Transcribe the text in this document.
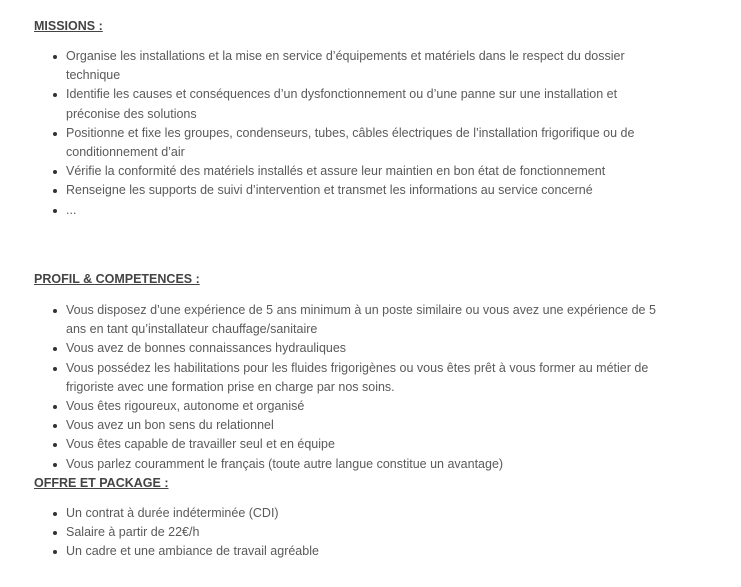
MISSIONS :

Organise les installations et la mise en service d’équipements et matériels dans le respect du dossier technique
Identifie les causes et conséquences d’un dysfonctionnement ou d’une panne sur une installation et préconise des solutions
Positionne et fixe les groupes, condenseurs, tubes, câbles électriques de l’installation frigorifique ou de conditionnement d’air
Vérifie la conformité des matériels installés et assure leur maintien en bon état de fonctionnement
Renseigne les supports de suivi d’intervention et transmet les informations au service concerné
...

PROFIL & COMPETENCES :

Vous disposez d’une expérience de 5 ans minimum à un poste similaire ou vous avez une expérience de 5 ans en tant qu’installateur chauffage/sanitaire
Vous avez de bonnes connaissances hydrauliques
Vous possédez les habilitations pour les fluides frigorigènes ou vous êtes prêt à vous former au métier de frigoriste avec une formation prise en charge par nos soins.
Vous êtes rigoureux, autonome et organisé
Vous avez un bon sens du relationnel
Vous êtes capable de travailler seul et en équipe
Vous parlez couramment le français (toute autre langue constitue un avantage)

OFFRE ET PACKAGE :

Un contrat à durée indéterminée (CDI)
Salaire à partir de 22€/h
Un cadre et une ambiance de travail agréable
